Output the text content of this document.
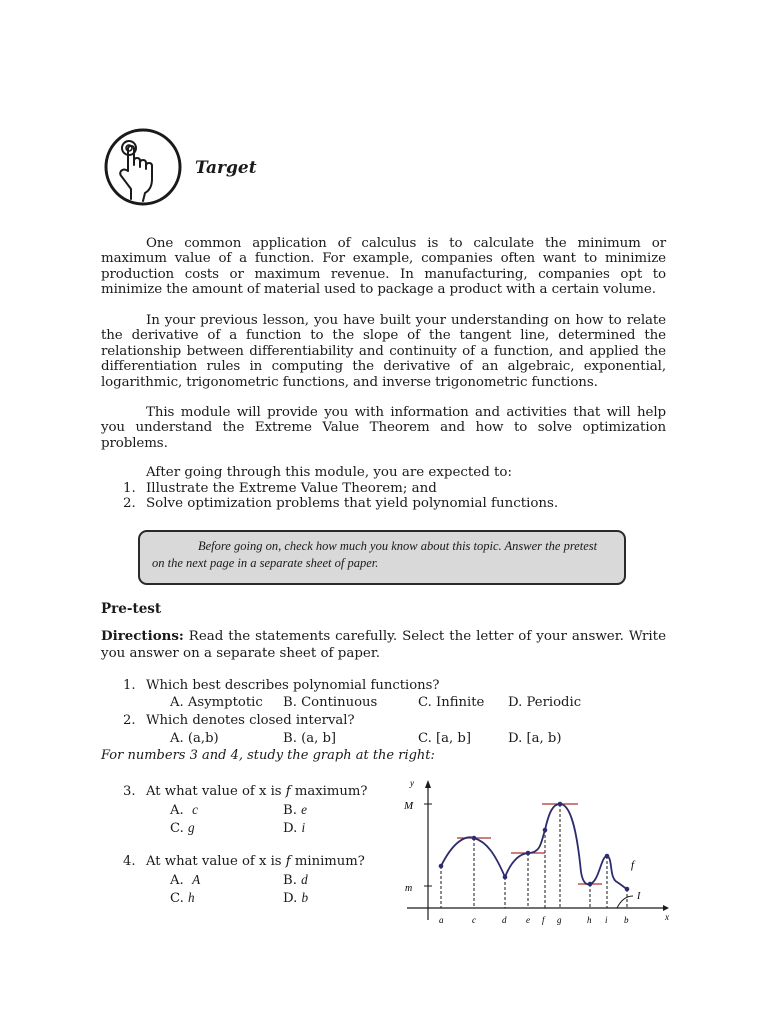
Target
One common application of calculus is to calculate the minimum or maximum value of a function. For example, companies often want to minimize production costs or maximum revenue. In manufacturing, companies opt to minimize the amount of material used to package a product with a certain volume.
In your previous lesson, you have built your understanding on how to relate the derivative of a function to the slope of the tangent line, determined the relationship between differentiability and continuity of a function, and applied the differentiation rules in computing the derivative of an algebraic, exponential, logarithmic, trigonometric functions, and inverse trigonometric functions.
This module will provide you with information and activities that will help you understand the Extreme Value Theorem and how to solve optimization problems.
After going through this module, you are expected to:
1. Illustrate the Extreme Value Theorem; and
2. Solve optimization problems that yield polynomial functions.
Before going on, check how much you know about this topic. Answer the pretest on the next page in a separate sheet of paper.
Pre-test
Directions: Read the statements carefully. Select the letter of your answer. Write you answer on a separate sheet of paper.
1. Which best describes polynomial functions?
A. Asymptotic B. Continuous	C. Infinite D. Periodic
2. Which denotes closed interval?
A. (a,b)	B. (a, b]	C. [a, b]	D. [a, b)
For numbers 3 and 4, study the graph at the right:
3. At what value of x is f maximum?
A. c	B. e
C. g	D. i
4. At what value of x is f minimum?
A. A	B. d
C. h	D. b
y
x
M
m
f
I
a	c	d e f g	h i b
